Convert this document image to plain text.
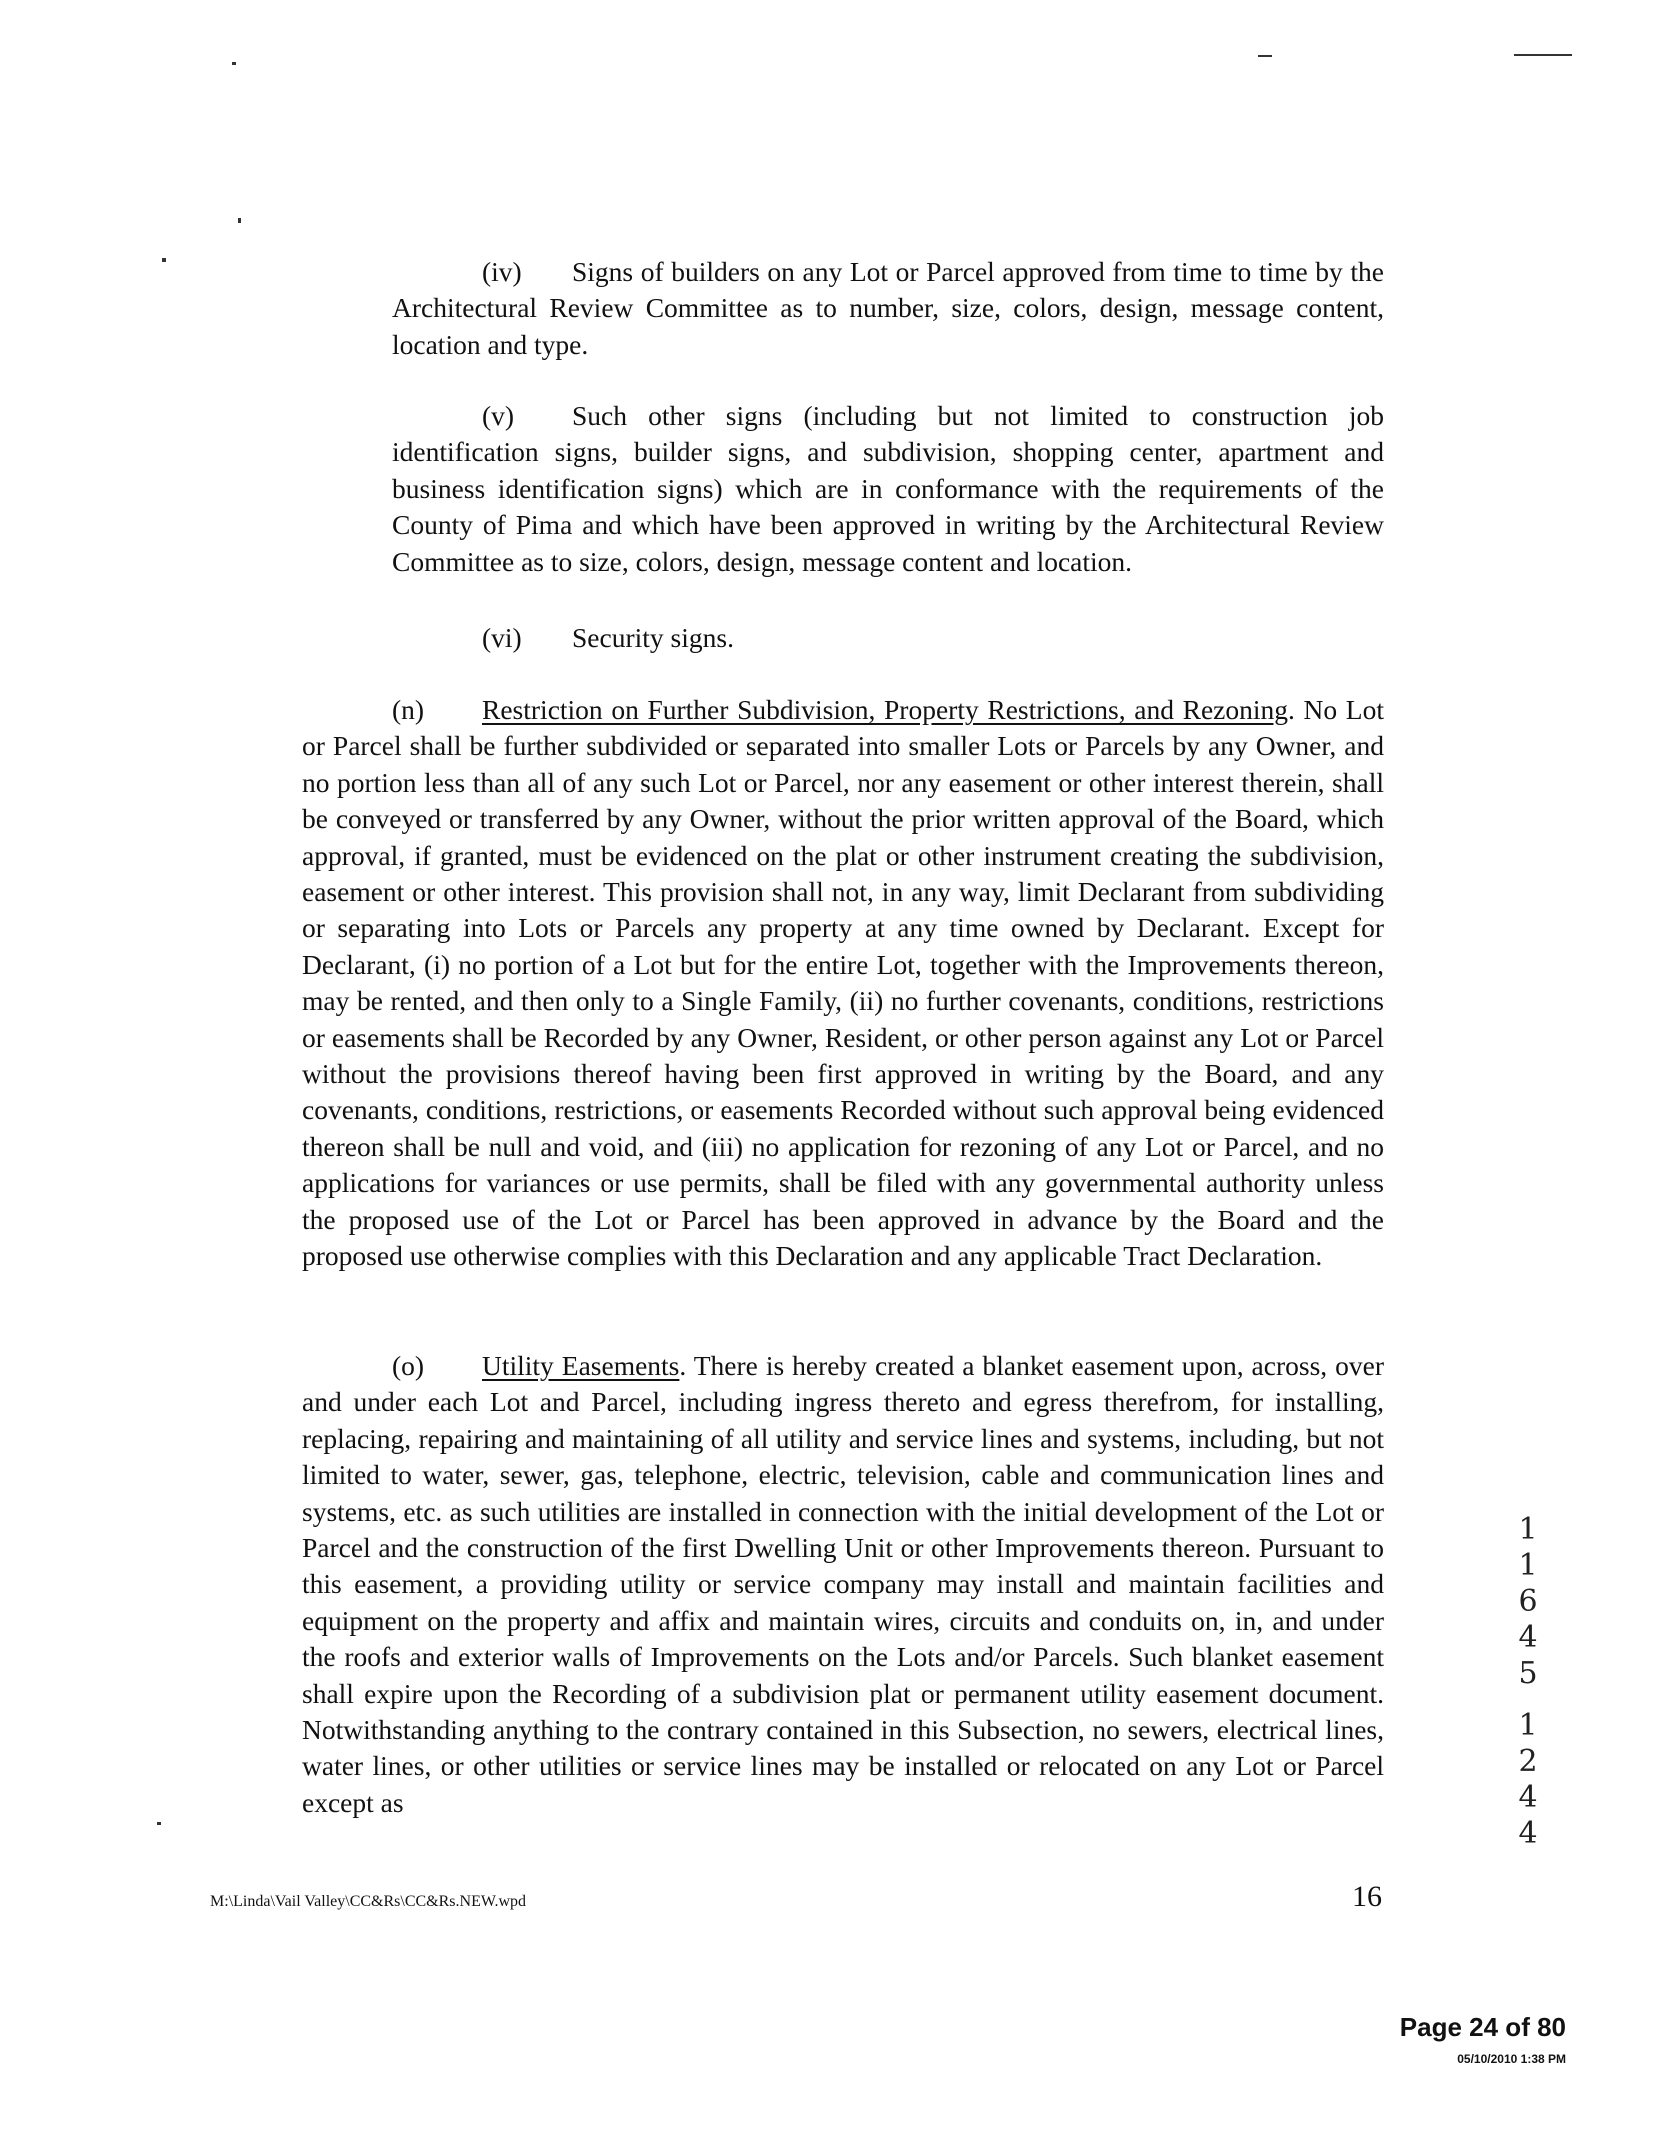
(iv) Signs of builders on any Lot or Parcel approved from time to time by the Architectural Review Committee as to number, size, colors, design, message content, location and type.

(v) Such other signs (including but not limited to construction job identification signs, builder signs, and subdivision, shopping center, apartment and business identification signs) which are in conformance with the requirements of the County of Pima and which have been approved in writing by the Architectural Review Committee as to size, colors, design, message content and location.

(vi) Security signs.

(n) Restriction on Further Subdivision, Property Restrictions, and Rezoning. No Lot or Parcel shall be further subdivided or separated into smaller Lots or Parcels by any Owner, and no portion less than all of any such Lot or Parcel, nor any easement or other interest therein, shall be conveyed or transferred by any Owner, without the prior written approval of the Board, which approval, if granted, must be evidenced on the plat or other instrument creating the subdivision, easement or other interest. This provision shall not, in any way, limit Declarant from subdividing or separating into Lots or Parcels any property at any time owned by Declarant. Except for Declarant, (i) no portion of a Lot but for the entire Lot, together with the Improvements thereon, may be rented, and then only to a Single Family, (ii) no further covenants, conditions, restrictions or easements shall be Recorded by any Owner, Resident, or other person against any Lot or Parcel without the provisions thereof having been first approved in writing by the Board, and any covenants, conditions, restrictions, or easements Recorded without such approval being evidenced thereon shall be null and void, and (iii) no application for rezoning of any Lot or Parcel, and no applications for variances or use permits, shall be filed with any governmental authority unless the proposed use of the Lot or Parcel has been approved in advance by the Board and the proposed use otherwise complies with this Declaration and any applicable Tract Declaration.

(o) Utility Easements. There is hereby created a blanket easement upon, across, over and under each Lot and Parcel, including ingress thereto and egress therefrom, for installing, replacing, repairing and maintaining of all utility and service lines and systems, including, but not limited to water, sewer, gas, telephone, electric, television, cable and communication lines and systems, etc. as such utilities are installed in connection with the initial development of the Lot or Parcel and the construction of the first Dwelling Unit or other Improvements thereon. Pursuant to this easement, a providing utility or service company may install and maintain facilities and equipment on the property and affix and maintain wires, circuits and conduits on, in, and under the roofs and exterior walls of Improvements on the Lots and/or Parcels. Such blanket easement shall expire upon the Recording of a subdivision plat or permanent utility easement document. Notwithstanding anything to the contrary contained in this Subsection, no sewers, electrical lines, water lines, or other utilities or service lines may be installed or relocated on any Lot or Parcel except as

1
1
6
4
5
1
2
4
4
M:\Linda\Vail Valley\CC&Rs\CC&Rs.NEW.wpd	16
Page 24 of 80
05/10/2010 1:38 PM
